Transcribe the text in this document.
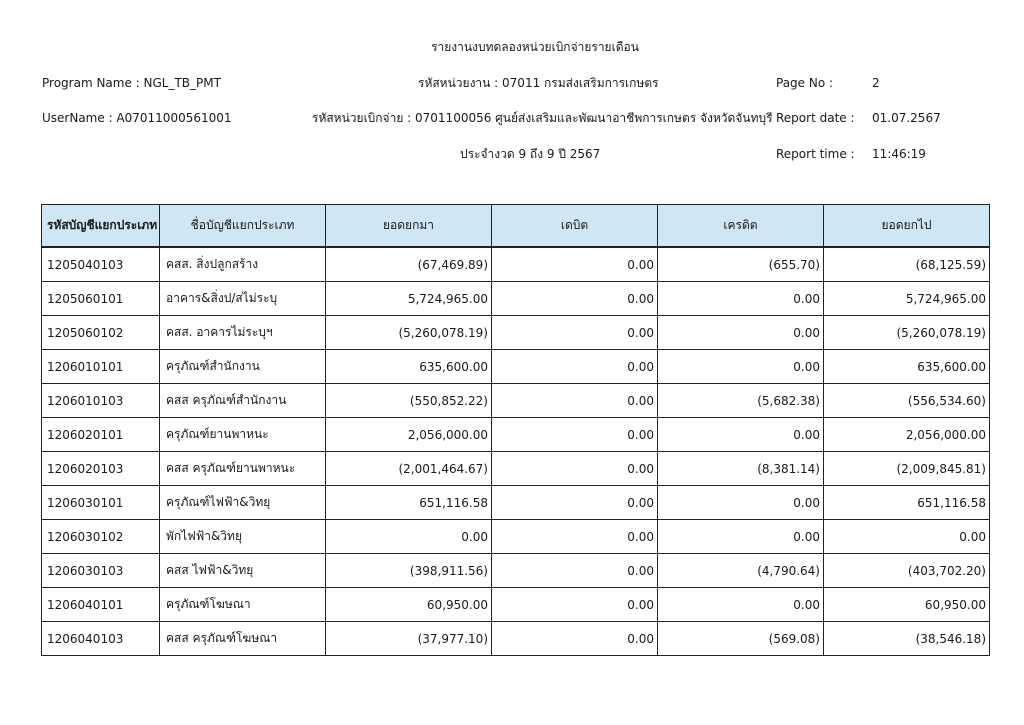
รายงานงบทดลองหน่วยเบิกจ่ายรายเดือน
Program Name : NGL_TB_PMT
UserName : A07011000561001
รหัสหน่วยงาน : 07011 กรมส่งเสริมการเกษตร
รหัสหน่วยเบิกจ่าย : 0701100056 ศูนย์ส่งเสริมและพัฒนาอาชีพการเกษตร จังหวัดจันทบุรี
ประจำงวด 9 ถึง 9 ปี 2567
Page No :	2
Report date : 01.07.2567
Report time : 11:46:19
รหัสบัญชีแยกประเภท	ชื่อบัญชีแยกประเภท	ยอดยกมา	เดบิต	เครดิต	ยอดยกไป
1205040103	คสส. สิ่งปลูกสร้าง	(67,469.89)	0.00	(655.70)	(68,125.59)
1205060101	อาคาร&สิ่งป/สไม่ระบุ	5,724,965.00	0.00	0.00	5,724,965.00
1205060102	คสส. อาคารไม่ระบุฯ	(5,260,078.19)	0.00	0.00	(5,260,078.19)
1206010101	ครุภัณฑ์สำนักงาน	635,600.00	0.00	0.00	635,600.00
1206010103	คสส ครุภัณฑ์สำนักงาน	(550,852.22)	0.00	(5,682.38)	(556,534.60)
1206020101	ครุภัณฑ์ยานพาหนะ	2,056,000.00	0.00	0.00	2,056,000.00
1206020103	คสส ครุภัณฑ์ยานพาหนะ	(2,001,464.67)	0.00	(8,381.14)	(2,009,845.81)
1206030101	ครุภัณฑ์ไฟฟ้า&วิทยุ	651,116.58	0.00	0.00	651,116.58
1206030102	พักไฟฟ้า&วิทยุ	0.00	0.00	0.00	0.00
1206030103	คสส ไฟฟ้า&วิทยุ	(398,911.56)	0.00	(4,790.64)	(403,702.20)
1206040101	ครุภัณฑ์โฆษณา	60,950.00	0.00	0.00	60,950.00
1206040103	คสส ครุภัณฑ์โฆษณา	(37,977.10)	0.00	(569.08)	(38,546.18)
